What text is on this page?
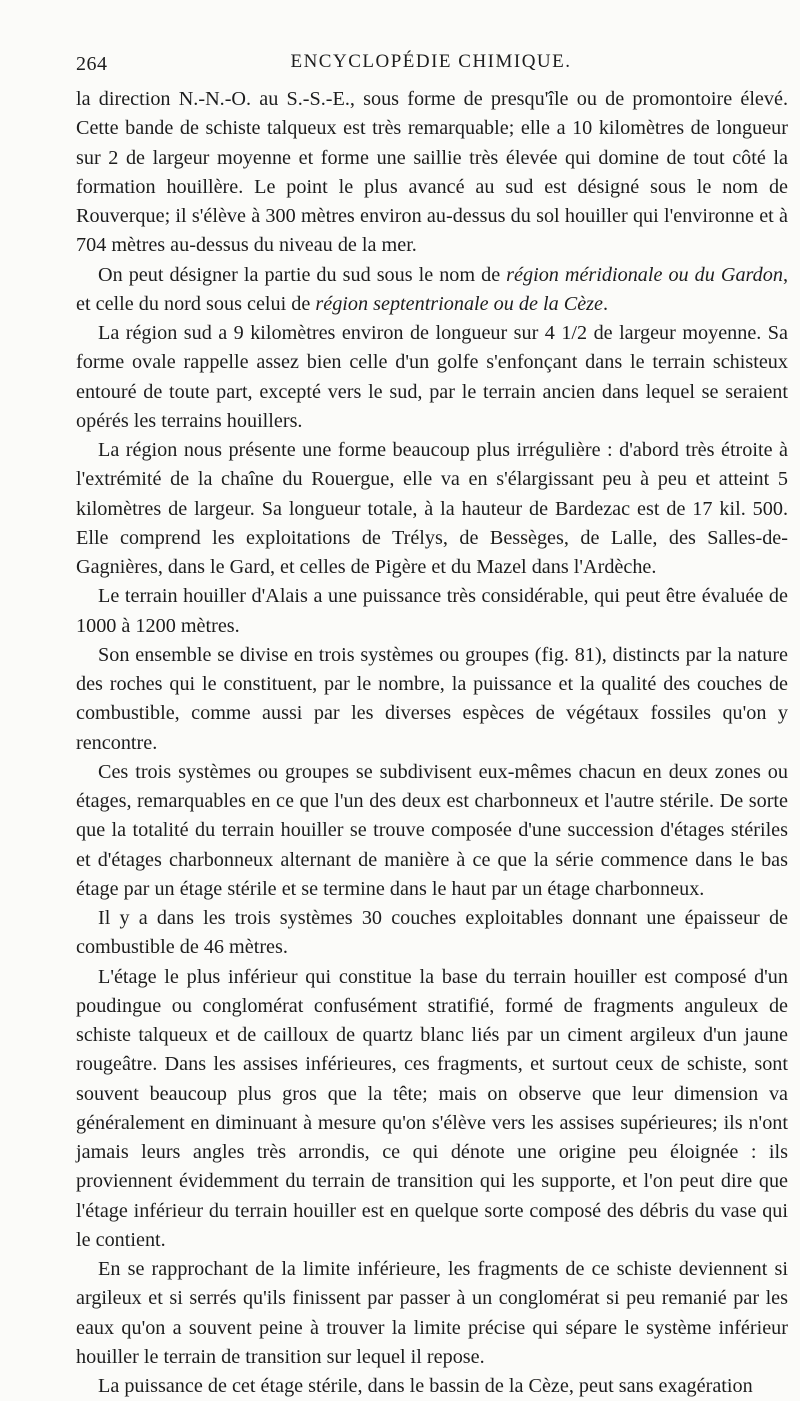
264	ENCYCLOPÉDIE CHIMIQUE.

la direction N.-N.-O. au S.-S.-E., sous forme de presqu'île ou de promontoire élevé. Cette bande de schiste talqueux est très remarquable; elle a 10 kilomètres de longueur sur 2 de largeur moyenne et forme une saillie très élevée qui domine de tout côté la formation houillère. Le point le plus avancé au sud est désigné sous le nom de Rouverque; il s'élève à 300 mètres environ au-dessus du sol houiller qui l'environne et à 704 mètres au-dessus du niveau de la mer.

On peut désigner la partie du sud sous le nom de région méridionale ou du Gardon, et celle du nord sous celui de région septentrionale ou de la Cèze.

La région sud a 9 kilomètres environ de longueur sur 4 1/2 de largeur moyenne. Sa forme ovale rappelle assez bien celle d'un golfe s'enfonçant dans le terrain schisteux entouré de toute part, excepté vers le sud, par le terrain ancien dans lequel se seraient opérés les terrains houillers.

La région nous présente une forme beaucoup plus irrégulière : d'abord très étroite à l'extrémité de la chaîne du Rouergue, elle va en s'élargissant peu à peu et atteint 5 kilomètres de largeur. Sa longueur totale, à la hauteur de Bardezac est de 17 kil. 500. Elle comprend les exploitations de Trélys, de Bessèges, de Lalle, des Salles-de-Gagnières, dans le Gard, et celles de Pigère et du Mazel dans l'Ardèche.

Le terrain houiller d'Alais a une puissance très considérable, qui peut être évaluée de 1000 à 1200 mètres.

Son ensemble se divise en trois systèmes ou groupes (fig. 81), distincts par la nature des roches qui le constituent, par le nombre, la puissance et la qualité des couches de combustible, comme aussi par les diverses espèces de végétaux fossiles qu'on y rencontre.

Ces trois systèmes ou groupes se subdivisent eux-mêmes chacun en deux zones ou étages, remarquables en ce que l'un des deux est charbonneux et l'autre stérile. De sorte que la totalité du terrain houiller se trouve composée d'une succession d'étages stériles et d'étages charbonneux alternant de manière à ce que la série commence dans le bas étage par un étage stérile et se termine dans le haut par un étage charbonneux.

Il y a dans les trois systèmes 30 couches exploitables donnant une épaisseur de combustible de 46 mètres.

L'étage le plus inférieur qui constitue la base du terrain houiller est composé d'un poudingue ou conglomérat confusément stratifié, formé de fragments anguleux de schiste talqueux et de cailloux de quartz blanc liés par un ciment argileux d'un jaune rougeâtre. Dans les assises inférieures, ces fragments, et surtout ceux de schiste, sont souvent beaucoup plus gros que la tête; mais on observe que leur dimension va généralement en diminuant à mesure qu'on s'élève vers les assises supérieures; ils n'ont jamais leurs angles très arrondis, ce qui dénote une origine peu éloignée : ils proviennent évidemment du terrain de transition qui les supporte, et l'on peut dire que l'étage inférieur du terrain houiller est en quelque sorte composé des débris du vase qui le contient.

En se rapprochant de la limite inférieure, les fragments de ce schiste deviennent si argileux et si serrés qu'ils finissent par passer à un conglomérat si peu remanié par les eaux qu'on a souvent peine à trouver la limite précise qui sépare le système inférieur houiller le terrain de transition sur lequel il repose.

La puissance de cet étage stérile, dans le bassin de la Cèze, peut sans exagération
